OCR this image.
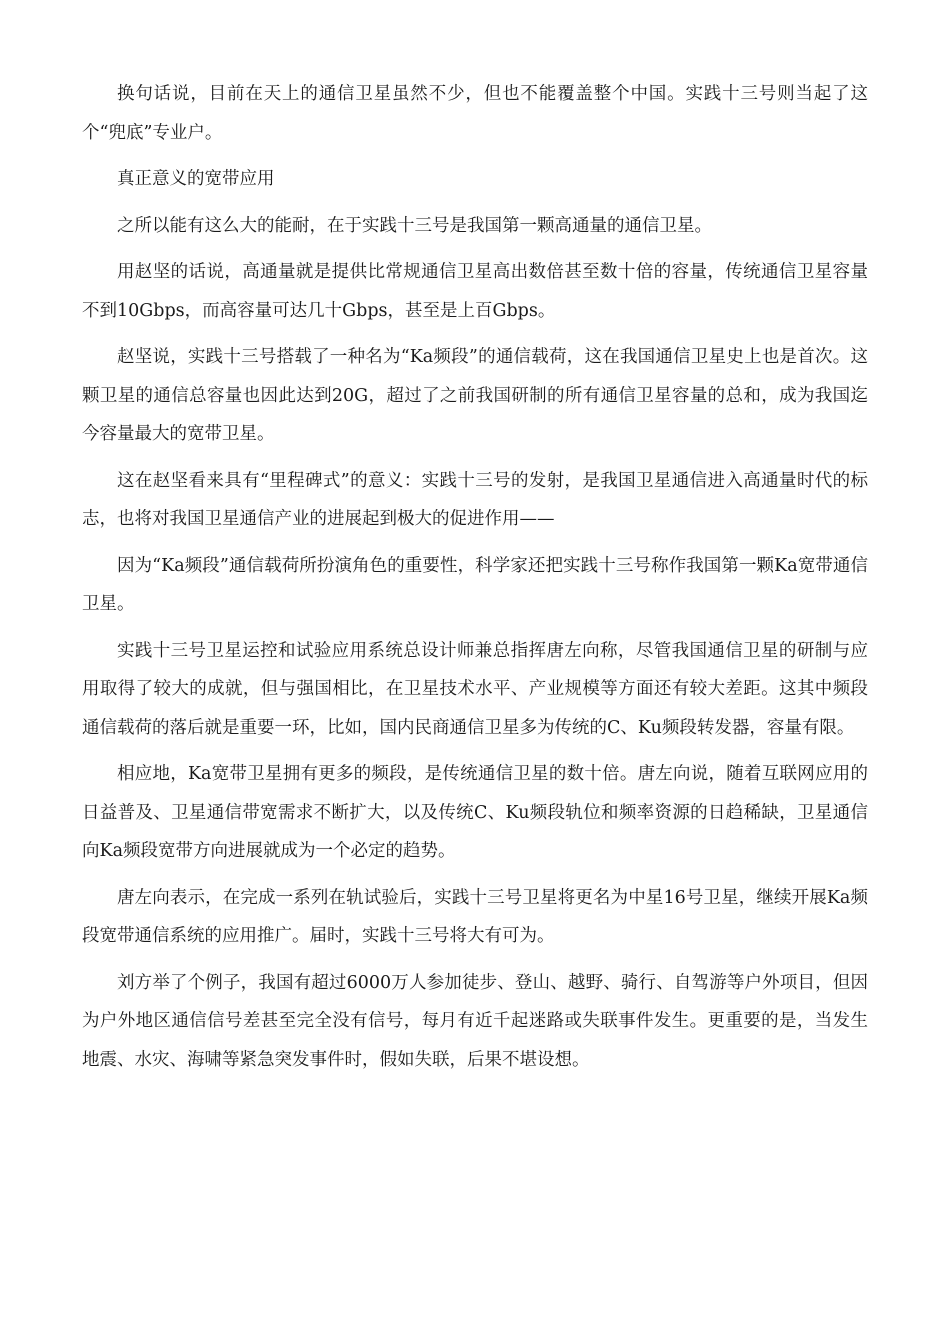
换句话说，目前在天上的通信卫星虽然不少，但也不能覆盖整个中国。实践十三号则当起了这个“兜底”专业户。

真正意义的宽带应用

之所以能有这么大的能耐，在于实践十三号是我国第一颗高通量的通信卫星。

用赵坚的话说，高通量就是提供比常规通信卫星高出数倍甚至数十倍的容量，传统通信卫星容量不到10Gbps，而高容量可达几十Gbps，甚至是上百Gbps。

赵坚说，实践十三号搭载了一种名为“Ka频段”的通信载荷，这在我国通信卫星史上也是首次。这颗卫星的通信总容量也因此达到20G，超过了之前我国研制的所有通信卫星容量的总和，成为我国迄今容量最大的宽带卫星。

这在赵坚看来具有“里程碑式”的意义：实践十三号的发射，是我国卫星通信进入高通量时代的标志，也将对我国卫星通信产业的进展起到极大的促进作用——

因为“Ka频段”通信载荷所扮演角色的重要性，科学家还把实践十三号称作我国第一颗Ka宽带通信卫星。

实践十三号卫星运控和试验应用系统总设计师兼总指挥唐左向称，尽管我国通信卫星的研制与应用取得了较大的成就，但与强国相比，在卫星技术水平、产业规模等方面还有较大差距。这其中频段通信载荷的落后就是重要一环，比如，国内民商通信卫星多为传统的C、Ku频段转发器，容量有限。

相应地，Ka宽带卫星拥有更多的频段，是传统通信卫星的数十倍。唐左向说，随着互联网应用的日益普及、卫星通信带宽需求不断扩大，以及传统C、Ku频段轨位和频率资源的日趋稀缺，卫星通信向Ka频段宽带方向进展就成为一个必定的趋势。

唐左向表示，在完成一系列在轨试验后，实践十三号卫星将更名为中星16号卫星，继续开展Ka频段宽带通信系统的应用推广。届时，实践十三号将大有可为。

刘方举了个例子，我国有超过6000万人参加徒步、登山、越野、骑行、自驾游等户外项目，但因为户外地区通信信号差甚至完全没有信号，每月有近千起迷路或失联事件发生。更重要的是，当发生地震、水灾、海啸等紧急突发事件时，假如失联，后果不堪设想。
